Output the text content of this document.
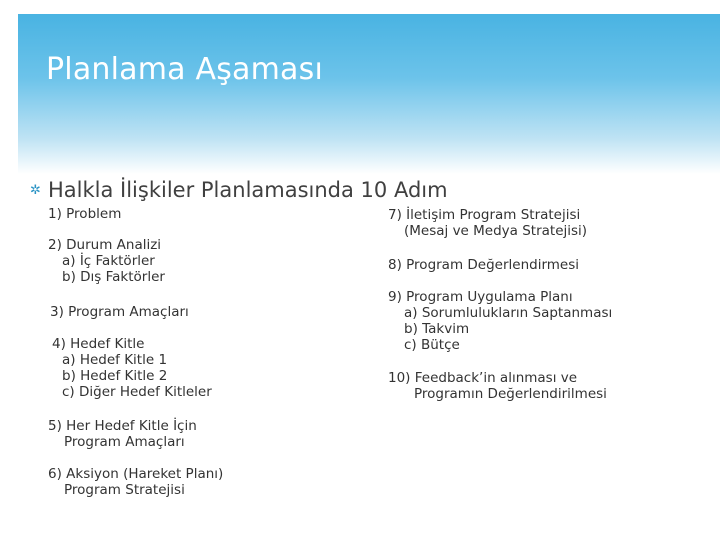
Planlama Aşaması
✲ Halkla İlişkiler Planlamasında 10 Adım
1) Problem
2) Durum Analizi
a) İç Faktörler
b) Dış Faktörler
3) Program Amaçları
4) Hedef Kitle
a) Hedef Kitle 1
b) Hedef Kitle 2
c) Diğer Hedef Kitleler
5) Her Hedef Kitle İçin
Program Amaçları
6) Aksiyon (Hareket Planı)
Program Stratejisi
7) İletişim Program Stratejisi
(Mesaj ve Medya Stratejisi)
8) Program Değerlendirmesi
9) Program Uygulama Planı
a) Sorumlulukların Saptanması
b) Takvim
c) Bütçe
10) Feedback’in alınması ve
Programın Değerlendirilmesi
